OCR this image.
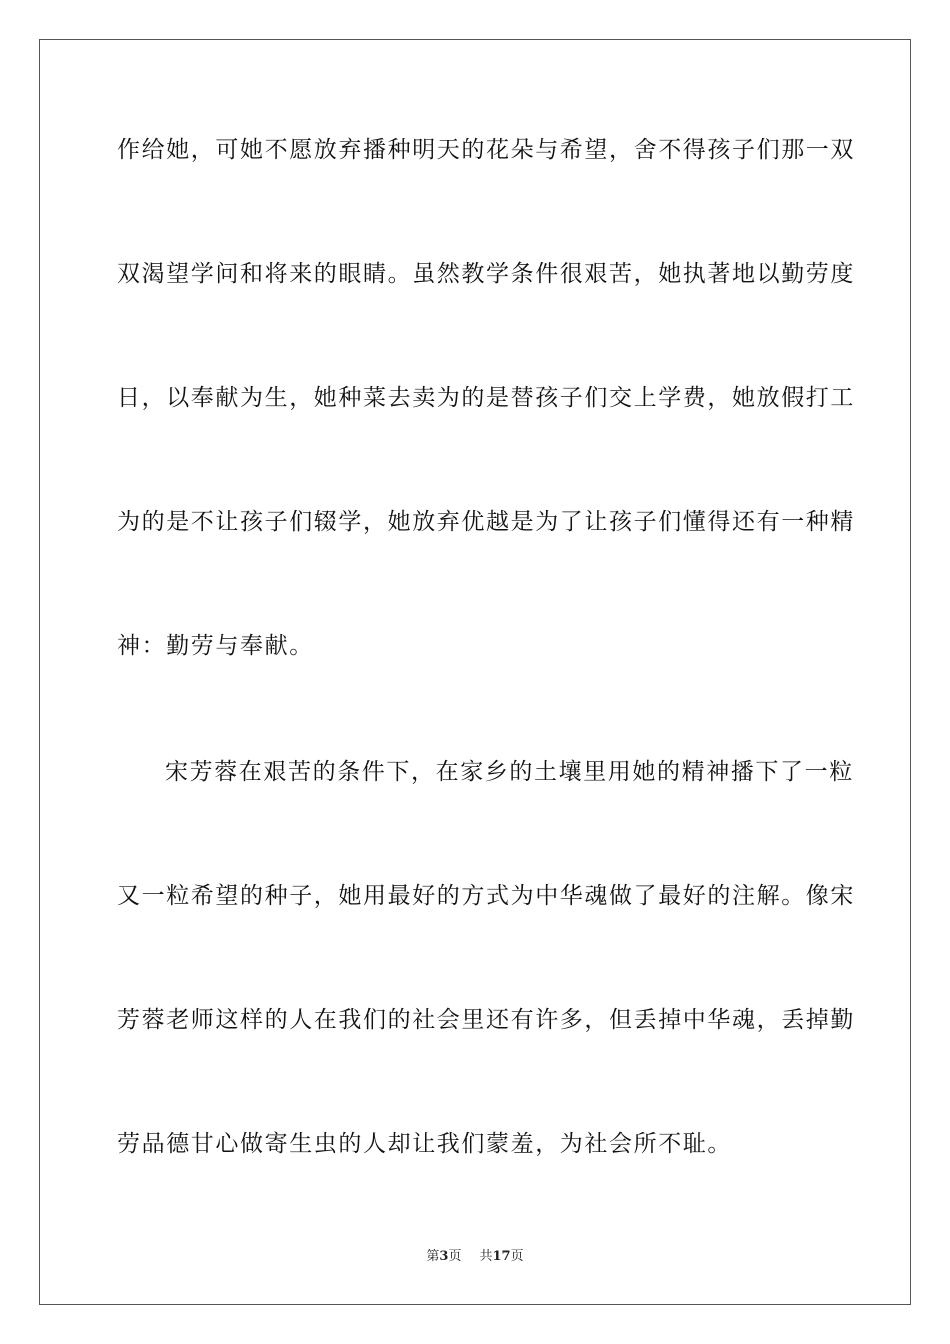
作给她，可她不愿放弃播种明天的花朵与希望，舍不得孩子们那一双
双渴望学问和将来的眼睛。虽然教学条件很艰苦，她执著地以勤劳度
日，以奉献为生，她种菜去卖为的是替孩子们交上学费，她放假打工
为的是不让孩子们辍学，她放弃优越是为了让孩子们懂得还有一种精
神：勤劳与奉献。
宋芳蓉在艰苦的条件下，在家乡的土壤里用她的精神播下了一粒
又一粒希望的种子，她用最好的方式为中华魂做了最好的注解。像宋
芳蓉老师这样的人在我们的社会里还有许多，但丢掉中华魂，丢掉勤
劳品德甘心做寄生虫的人却让我们蒙羞，为社会所不耻。
第3页 共17页
